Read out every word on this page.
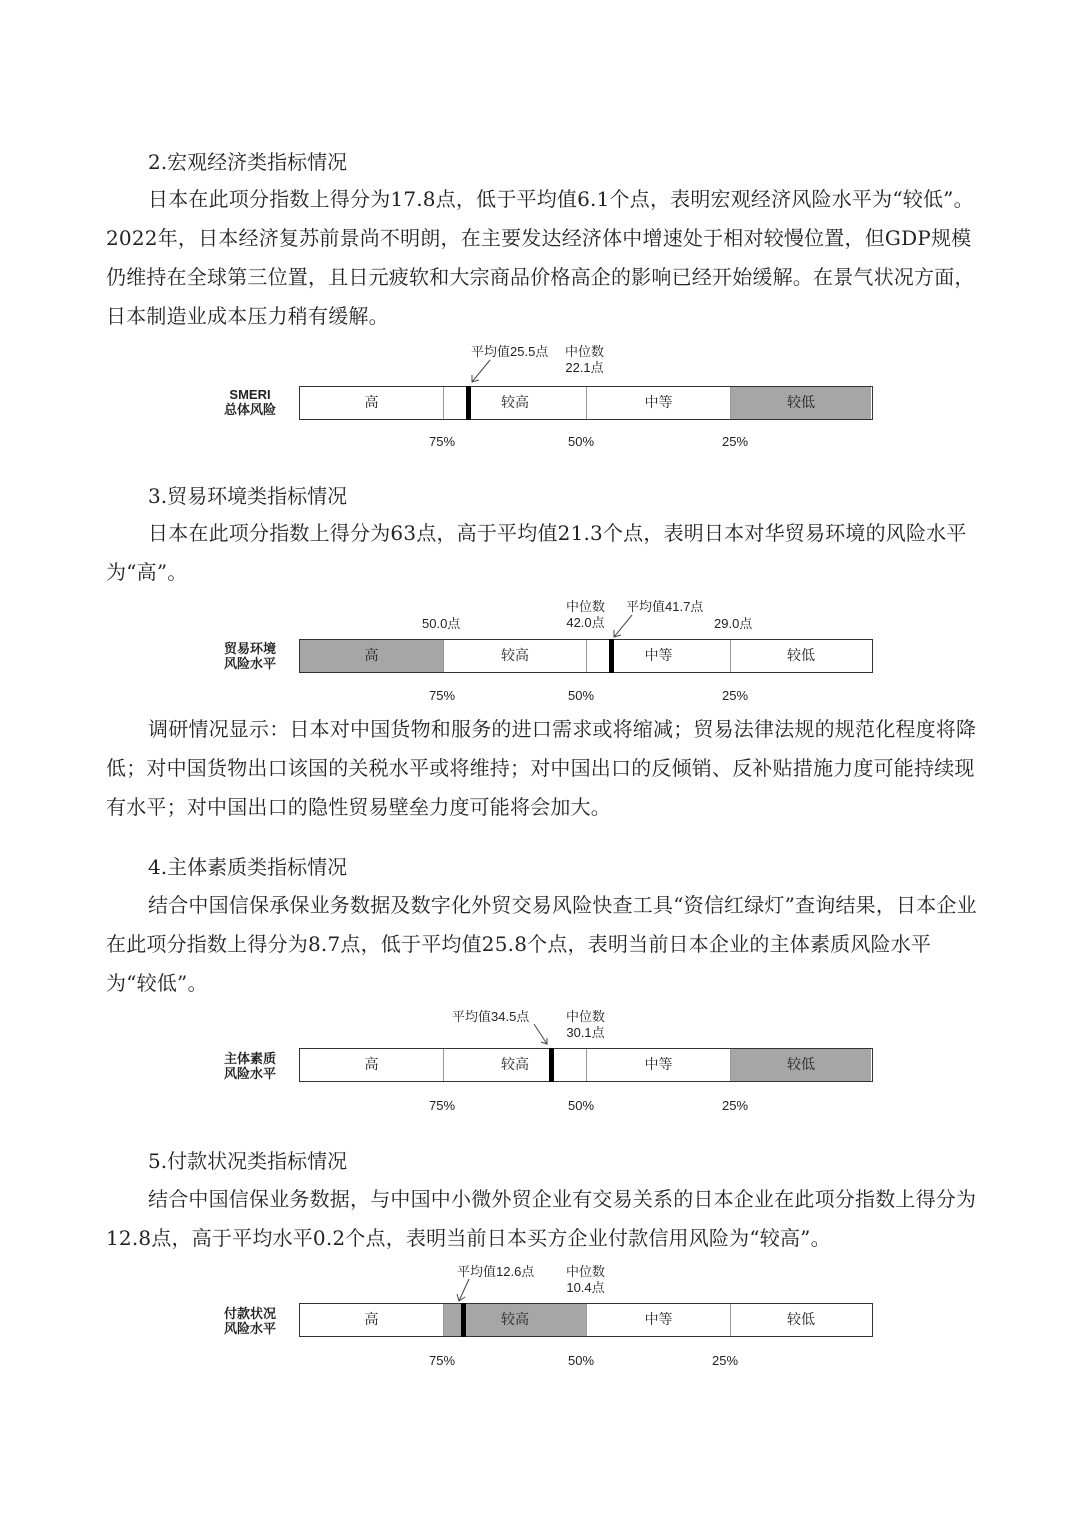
2.宏观经济类指标情况

日本在此项分指数上得分为17.8点，低于平均值6.1个点，表明宏观经济风险水平为“较低”。2022年，日本经济复苏前景尚不明朗，在主要发达经济体中增速处于相对较慢位置，但GDP规模仍维持在全球第三位置，且日元疲软和大宗商品价格高企的影响已经开始缓解。在景气状况方面，日本制造业成本压力稍有缓解。

平均值25.5点 中位数
22.1点
SMERI
总体风险	高	较高	中等	较低
75%	50%	25%
3.贸易环境类指标情况

日本在此项分指数上得分为63点，高于平均值21.3个点，表明日本对华贸易环境的风险水平为“高”。

50.0点
中位数
42.0点
平均值41.7点
29.0点
贸易环境
风险水平
高	较高	中等	较低
75%	50%	25%

调研情况显示：日本对中国货物和服务的进口需求或将缩减；贸易法律法规的规范化程度将降低；对中国货物出口该国的关税水平或将维持；对中国出口的反倾销、反补贴措施力度可能持续现有水平；对中国出口的隐性贸易壁垒力度可能将会加大。

4.主体素质类指标情况

结合中国信保承保业务数据及数字化外贸交易风险快查工具“资信红绿灯”查询结果，日本企业在此项分指数上得分为8.7点，低于平均值25.8个点，表明当前日本企业的主体素质风险水平为“较低”。

平均值34.5点	中位数
30.1点
主体素质
风险水平
高	较高	中等	较低
75%	50%	25%
5.付款状况类指标情况

结合中国信保业务数据，与中国中小微外贸企业有交易关系的日本企业在此项分指数上得分为12.8点，高于平均水平0.2个点，表明当前日本买方企业付款信用风险为“较高”。

平均值12.6点 中位数
10.4点
付款状况
风险水平
高	较高	中等	较低
75%	50%	25%
